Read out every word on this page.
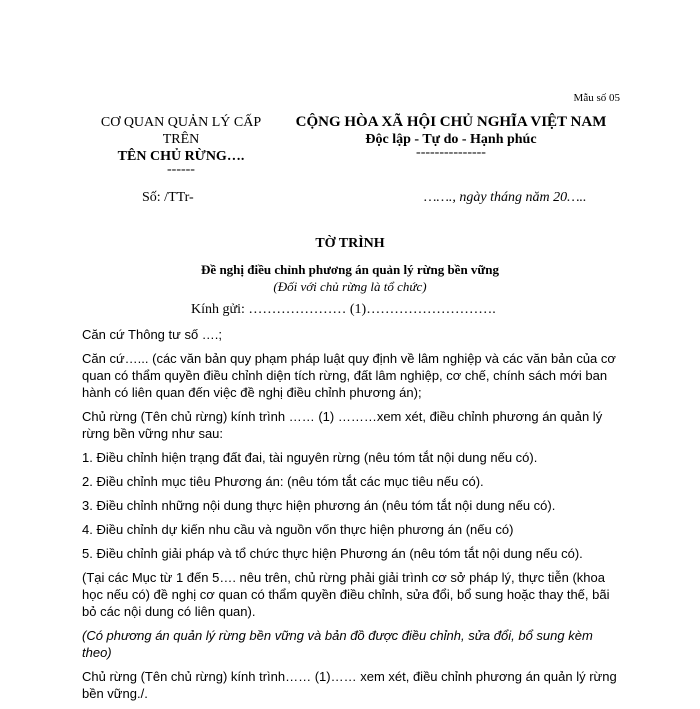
Mẫu số 05
CƠ QUAN QUẢN LÝ CẤP TRÊN
TÊN CHỦ RỪNG….
------
CỘNG HÒA XÃ HỘI CHỦ NGHĨA VIỆT NAM
Độc lập - Tự do - Hạnh phúc
---------------
Số: /TTr-	……., ngày tháng năm 20…..
TỜ TRÌNH
Đề nghị điều chỉnh phương án quản lý rừng bền vững
(Đối với chủ rừng là tổ chức)
Kính gửi: ………………… (1)……………………….

Căn cứ Thông tư số ….;

Căn cứ…... (các văn bản quy phạm pháp luật quy định về lâm nghiệp và các văn bản của cơ quan có thẩm quyền điều chỉnh diện tích rừng, đất lâm nghiệp, cơ chế, chính sách mới ban hành có liên quan đến việc đề nghị điều chỉnh phương án);

Chủ rừng (Tên chủ rừng) kính trình …… (1) ………xem xét, điều chỉnh phương án quản lý rừng bền vững như sau:

1. Điều chỉnh hiện trạng đất đai, tài nguyên rừng (nêu tóm tắt nội dung nếu có).

2. Điều chỉnh mục tiêu Phương án: (nêu tóm tắt các mục tiêu nếu có).

3. Điều chỉnh những nội dung thực hiện phương án (nêu tóm tắt nội dung nếu có).

4. Điều chỉnh dự kiến nhu cầu và nguồn vốn thực hiện phương án (nếu có)

5. Điều chỉnh giải pháp và tổ chức thực hiện Phương án (nêu tóm tắt nội dung nếu có).

(Tại các Mục từ 1 đến 5…. nêu trên, chủ rừng phải giải trình cơ sở pháp lý, thực tiễn (khoa học nếu có) đề nghị cơ quan có thẩm quyền điều chỉnh, sửa đổi, bổ sung hoặc thay thế, bãi bỏ các nội dung có liên quan).

(Có phương án quản lý rừng bền vững và bản đồ được điều chỉnh, sửa đổi, bổ sung kèm theo)

Chủ rừng (Tên chủ rừng) kính trình…… (1)…… xem xét, điều chỉnh phương án quản lý rừng bền vững./.
